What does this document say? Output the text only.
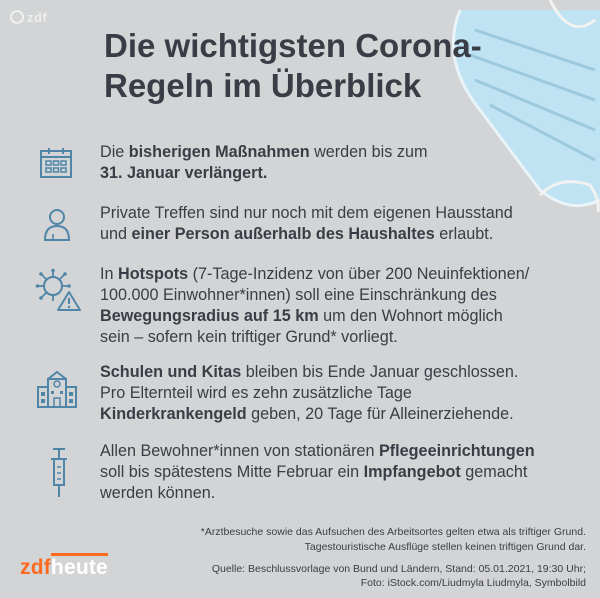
zdf
Die wichtigsten Corona-
Regeln im Überblick
Die bisherigen Maßnahmen werden bis zum
31. Januar verlängert.
Private Treffen sind nur noch mit dem eigenen Hausstand
und einer Person außerhalb des Haushaltes erlaubt.
In Hotspots (7-Tage-Inzidenz von über 200 Neuinfektionen/
100.000 Einwohner*innen) soll eine Einschränkung des
Bewegungsradius auf 15 km um den Wohnort möglich
sein – sofern kein triftiger Grund* vorliegt.
Schulen und Kitas bleiben bis Ende Januar geschlossen.
Pro Elternteil wird es zehn zusätzliche Tage
Kinderkrankengeld geben, 20 Tage für Alleinerziehende.
Allen Bewohner*innen von stationären Pflegeeinrichtungen
soll bis spätestens Mitte Februar ein Impfangebot gemacht
werden können.
*Arztbesuche sowie das Aufsuchen des Arbeitsortes gelten etwa als triftiger Grund.
Tagestouristische Ausflüge stellen keinen triftigen Grund dar.
Quelle: Beschlussvorlage von Bund und Ländern, Stand: 05.01.2021, 19:30 Uhr;
Foto: iStock.com/Liudmyla Liudmyla, Symbolbild
zdfheute
